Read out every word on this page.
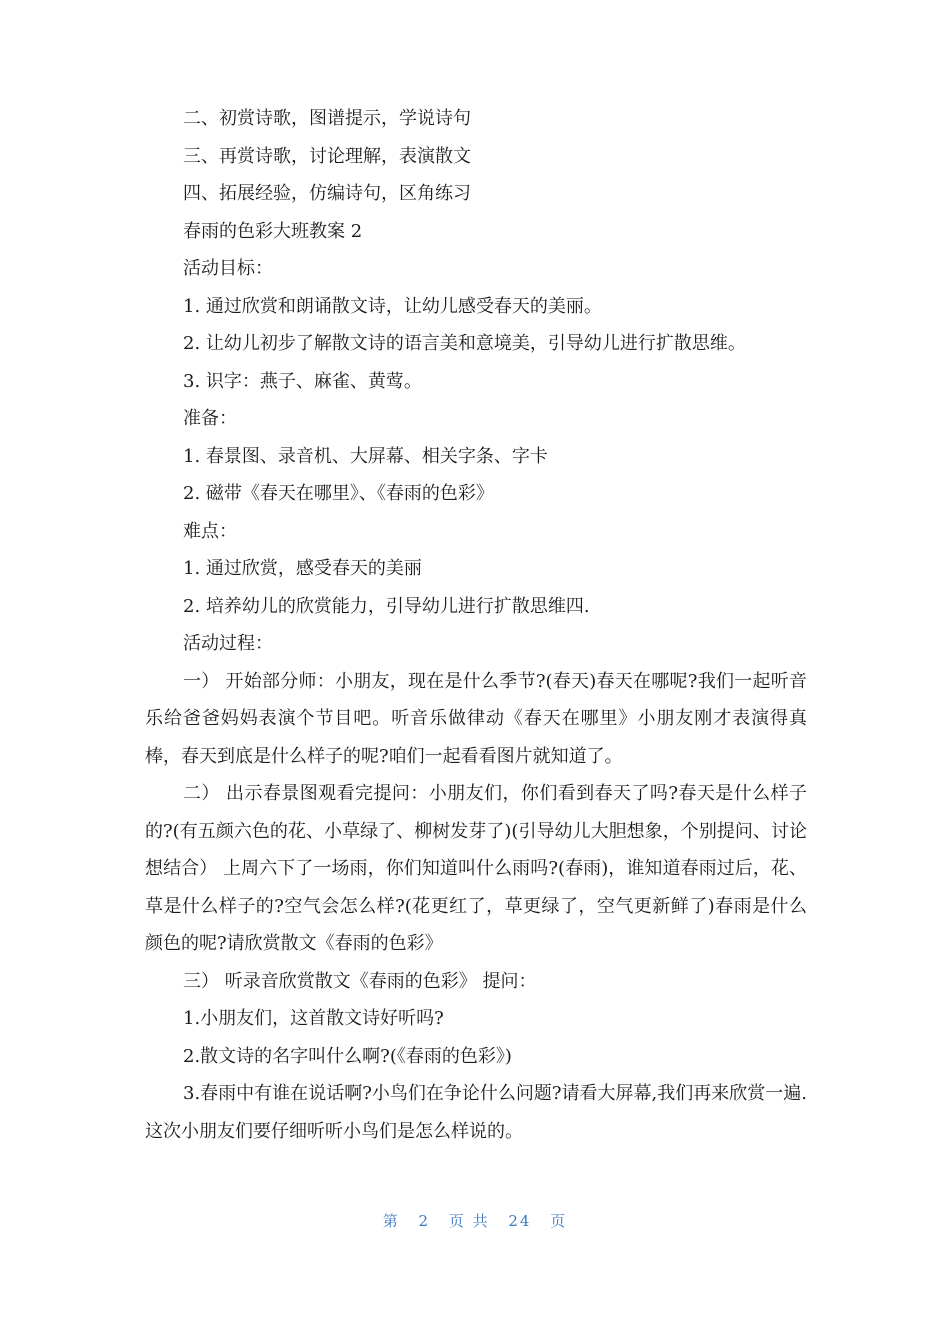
二、初赏诗歌，图谱提示，学说诗句
三、再赏诗歌，讨论理解，表演散文
四、拓展经验，仿编诗句，区角练习
春雨的色彩大班教案 2
活动目标：
1. 通过欣赏和朗诵散文诗，让幼儿感受春天的美丽。
2. 让幼儿初步了解散文诗的语言美和意境美，引导幼儿进行扩散思维。
3. 识字：燕子、麻雀、黄莺。
准备：
1. 春景图、录音机、大屏幕、相关字条、字卡
2. 磁带《春天在哪里》、《春雨的色彩》
难点：
1. 通过欣赏，感受春天的美丽
2. 培养幼儿的欣赏能力，引导幼儿进行扩散思维四.
活动过程：
一） 开始部分师：小朋友，现在是什么季节?(春天)春天在哪呢?我们一起听音乐给爸爸妈妈表演个节目吧。听音乐做律动《春天在哪里》小朋友刚才表演得真棒，春天到底是什么样子的呢?咱们一起看看图片就知道了。
二） 出示春景图观看完提问：小朋友们，你们看到春天了吗?春天是什么样子的?(有五颜六色的花、小草绿了、柳树发芽了)(引导幼儿大胆想象，个别提问、讨论想结合） 上周六下了一场雨，你们知道叫什么雨吗?(春雨)，谁知道春雨过后，花、草是什么样子的?空气会怎么样?(花更红了，草更绿了，空气更新鲜了)春雨是什么颜色的呢?请欣赏散文《春雨的色彩》
三） 听录音欣赏散文《春雨的色彩》 提问：
1.小朋友们，这首散文诗好听吗?
2.散文诗的名字叫什么啊?(《春雨的色彩》)
3.春雨中有谁在说话啊?小鸟们在争论什么问题?请看大屏幕,我们再来欣赏一遍.这次小朋友们要仔细听听小鸟们是怎么样说的。
第 2 页 共 24 页
